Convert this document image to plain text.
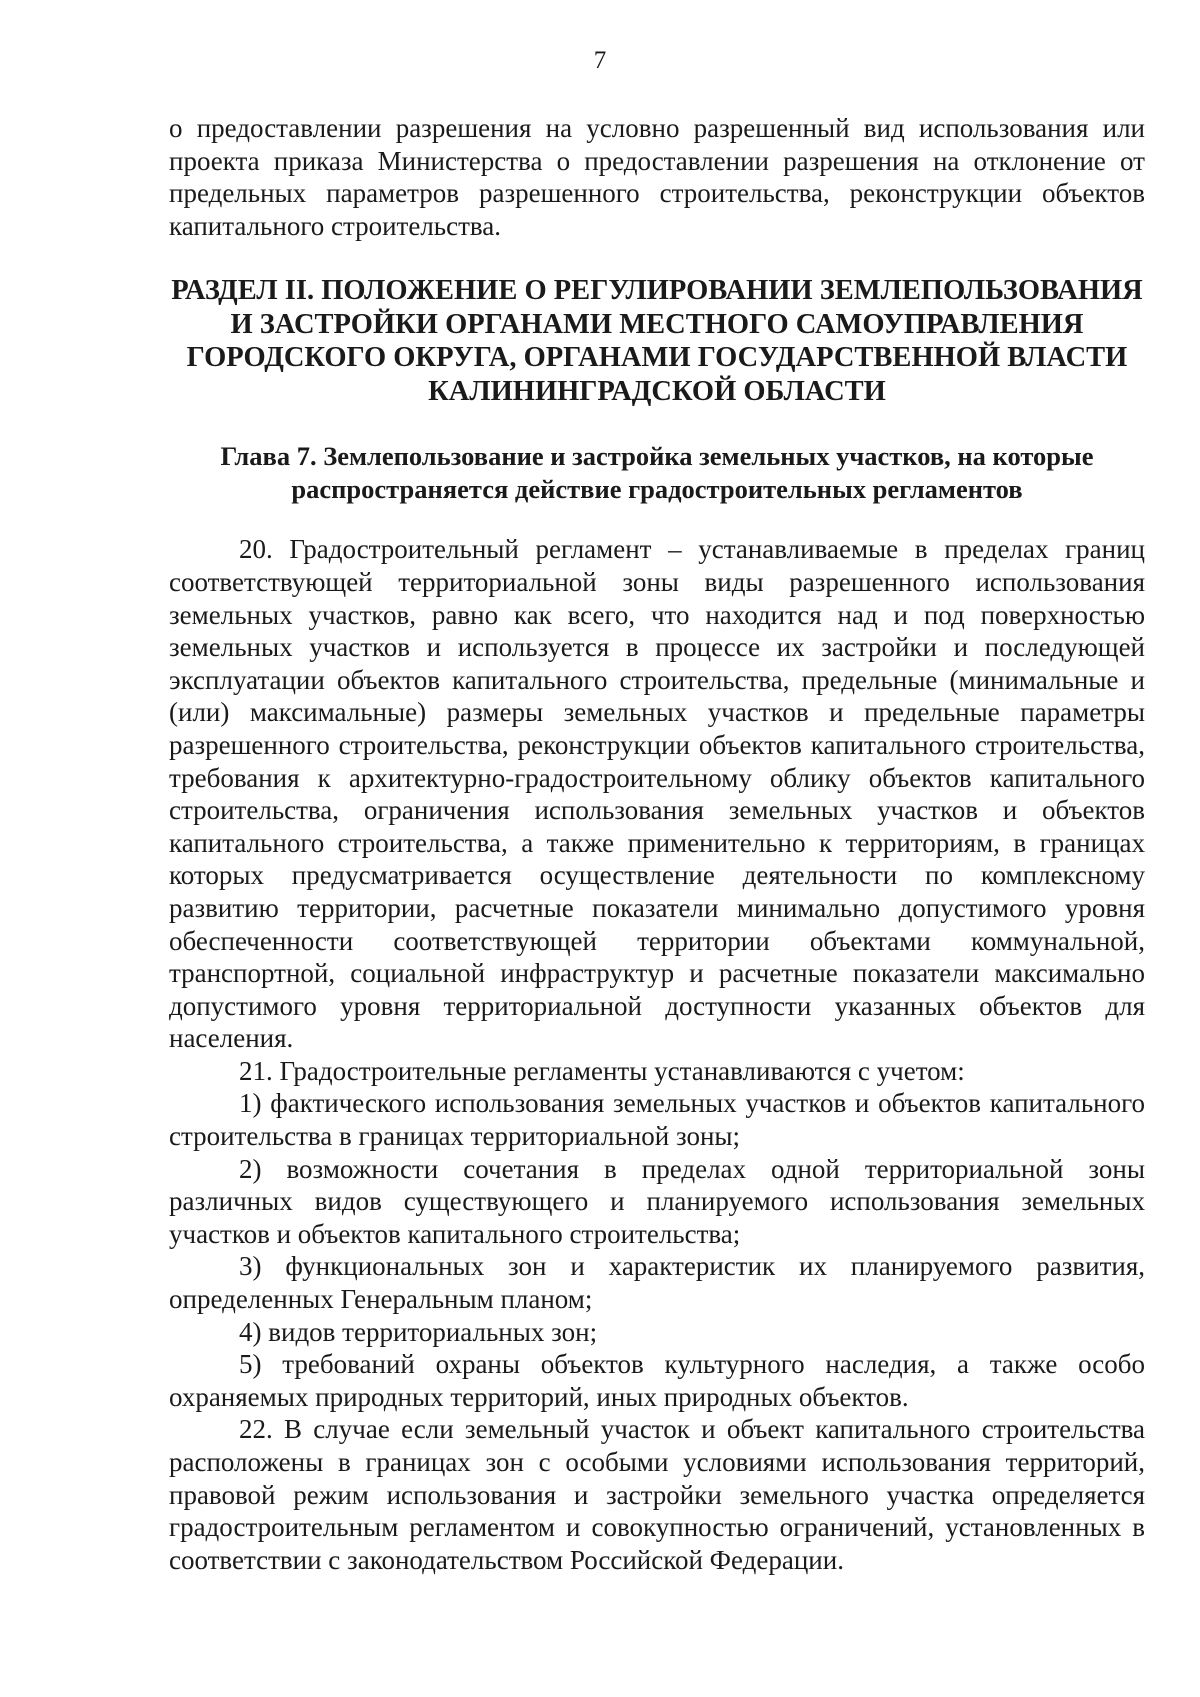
7

о предоставлении разрешения на условно разрешенный вид использования или проекта приказа Министерства о предоставлении разрешения на отклонение от предельных параметров разрешенного строительства, реконструкции объектов капитального строительства.

РАЗДЕЛ II. ПОЛОЖЕНИЕ О РЕГУЛИРОВАНИИ ЗЕМЛЕПОЛЬЗОВАНИЯ И ЗАСТРОЙКИ ОРГАНАМИ МЕСТНОГО САМОУПРАВЛЕНИЯ ГОРОДСКОГО ОКРУГА, ОРГАНАМИ ГОСУДАРСТВЕННОЙ ВЛАСТИ КАЛИНИНГРАДСКОЙ ОБЛАСТИ
Глава 7. Землепользование и застройка земельных участков, на которые распространяется действие градостроительных регламентов

20. Градостроительный регламент – устанавливаемые в пределах границ соответствующей территориальной зоны виды разрешенного использования земельных участков, равно как всего, что находится над и под поверхностью земельных участков и используется в процессе их застройки и последующей эксплуатации объектов капитального строительства, предельные (минимальные и (или) максимальные) размеры земельных участков и предельные параметры разрешенного строительства, реконструкции объектов капитального строительства, требования к архитектурно-градостроительному облику объектов капитального строительства, ограничения использования земельных участков и объектов капитального строительства, а также применительно к территориям, в границах которых предусматривается осуществление деятельности по комплексному развитию территории, расчетные показатели минимально допустимого уровня обеспеченности соответствующей территории объектами коммунальной, транспортной, социальной инфраструктур и расчетные показатели максимально допустимого уровня территориальной доступности указанных объектов для населения.

21. Градостроительные регламенты устанавливаются с учетом:

1) фактического использования земельных участков и объектов капитального строительства в границах территориальной зоны;

2) возможности сочетания в пределах одной территориальной зоны различных видов существующего и планируемого использования земельных участков и объектов капитального строительства;

3) функциональных зон и характеристик их планируемого развития, определенных Генеральным планом;

4) видов территориальных зон;

5) требований охраны объектов культурного наследия, а также особо охраняемых природных территорий, иных природных объектов.

22. В случае если земельный участок и объект капитального строительства расположены в границах зон с особыми условиями использования территорий, правовой режим использования и застройки земельного участка определяется градостроительным регламентом и совокупностью ограничений, установленных в соответствии с законодательством Российской Федерации.
